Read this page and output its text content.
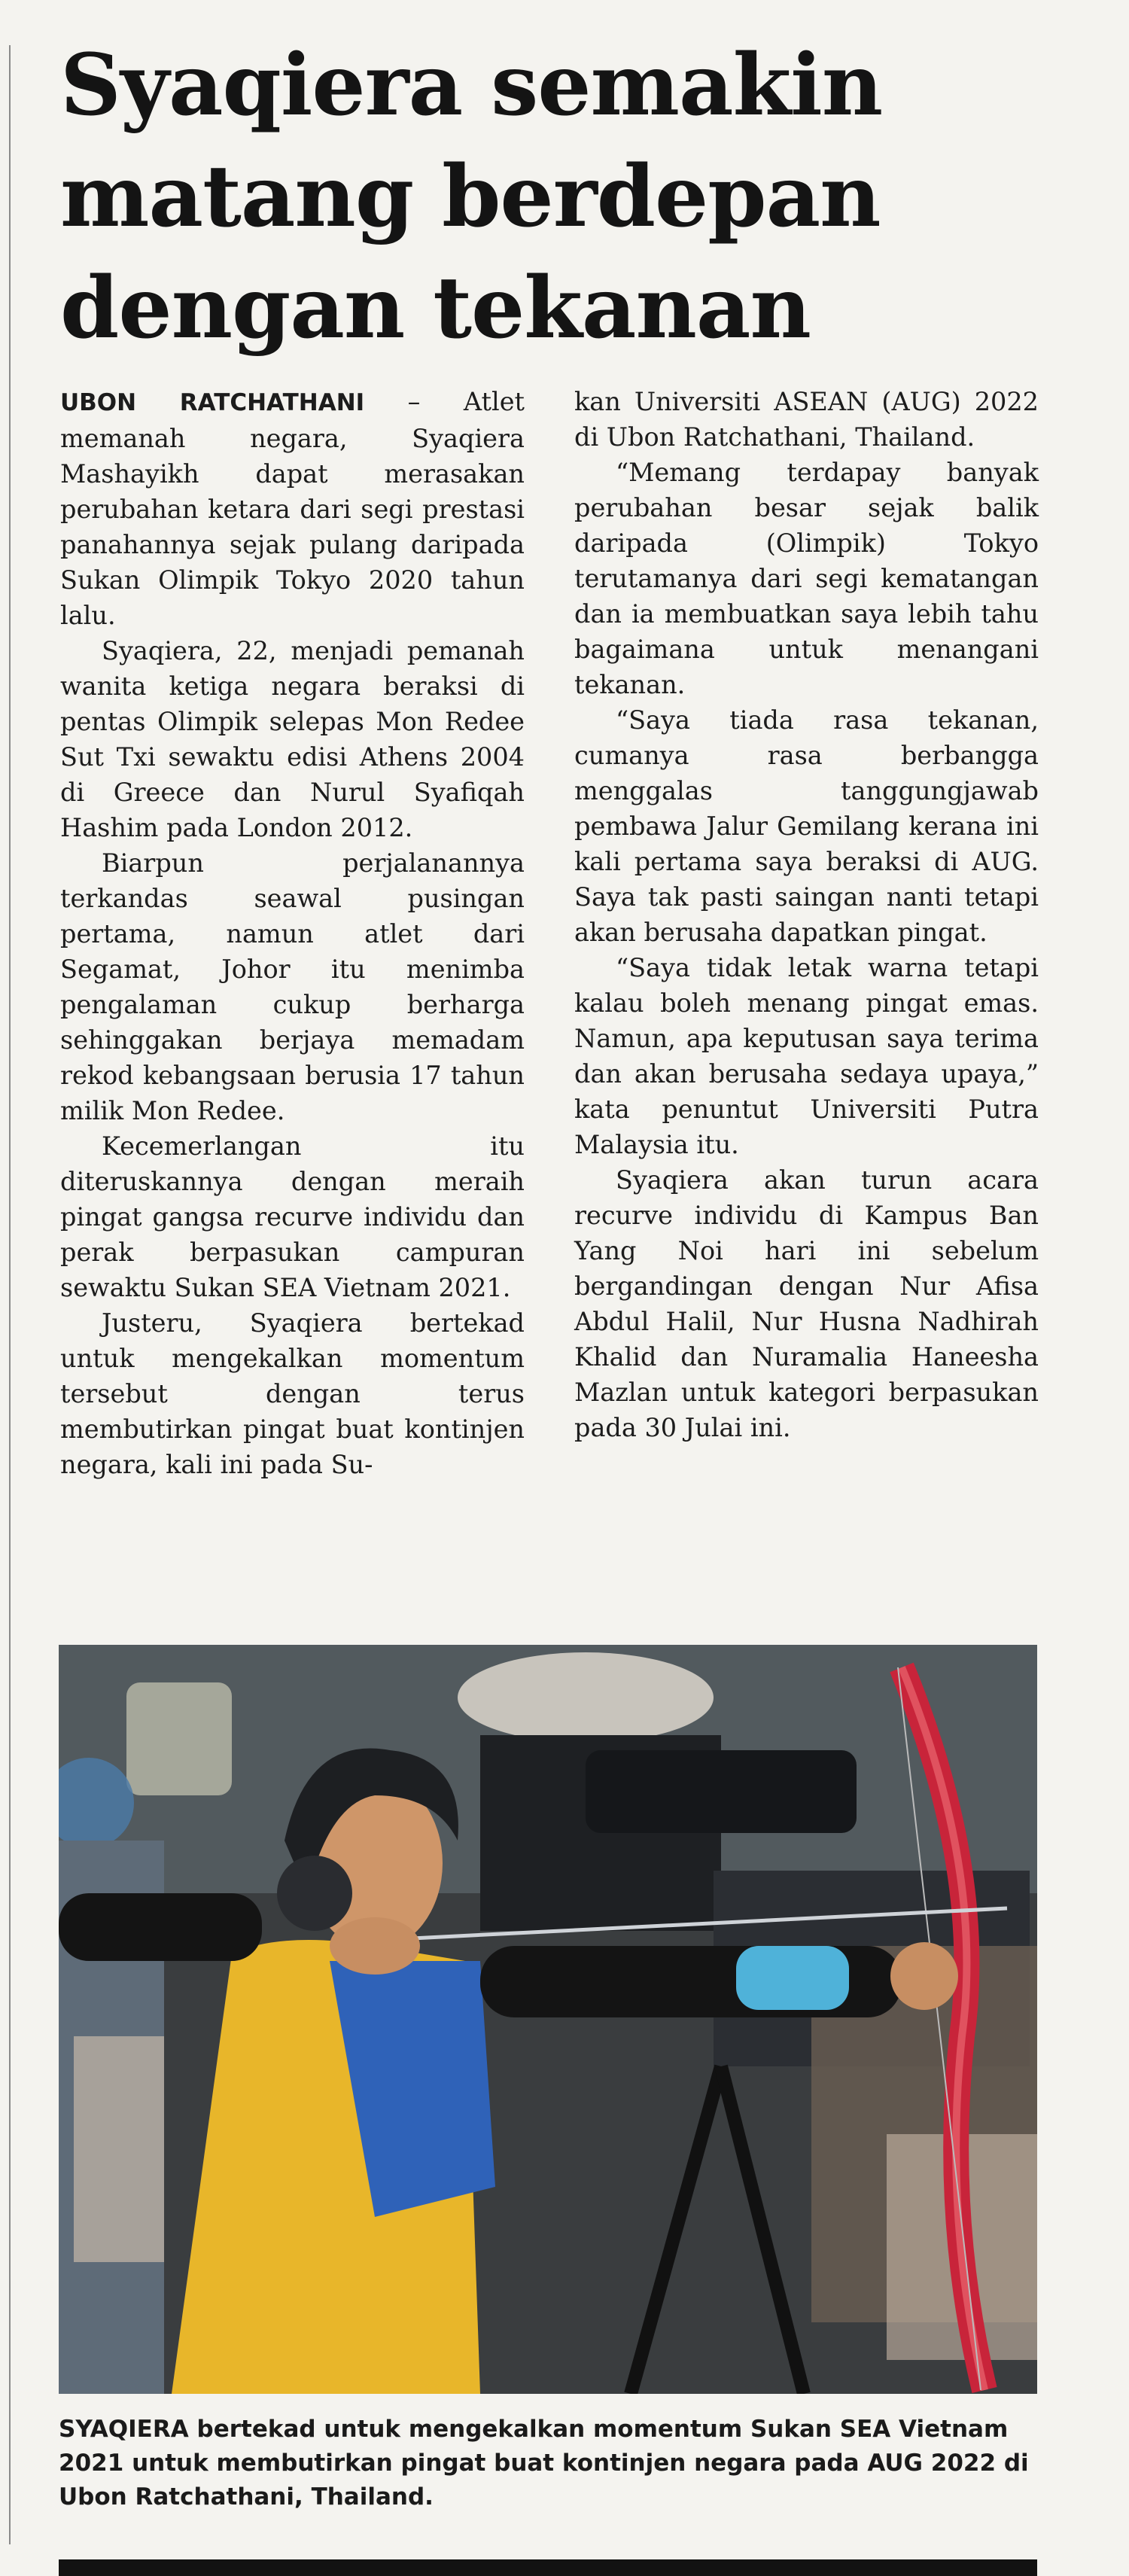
Syaqiera semakin
matang berdepan
dengan tekanan

UBON RATCHATHANI – Atlet memanah negara, Syaqiera Mashayikh dapat merasakan perubahan ketara dari segi prestasi panahannya sejak pulang daripada Sukan Olimpik Tokyo 2020 tahun lalu.

Syaqiera, 22, menjadi pemanah wanita ketiga negara beraksi di pentas Olimpik selepas Mon Redee Sut Txi sewaktu edisi Athens 2004 di Greece dan Nurul Syafiqah Hashim pada London 2012.

Biarpun perjalanannya terkandas seawal pusingan pertama, namun atlet dari Segamat, Johor itu menimba pengalaman cukup berharga sehinggakan berjaya memadam rekod kebangsaan berusia 17 tahun milik Mon Redee.

Kecemerlangan itu diteruskannya dengan meraih pingat gangsa recurve individu dan perak berpasukan campuran sewaktu Sukan SEA Vietnam 2021.

Justeru, Syaqiera bertekad untuk mengekalkan momentum tersebut dengan terus membutirkan pingat buat kontinjen negara, kali ini pada Su-

kan Universiti ASEAN (AUG) 2022 di Ubon Ratchathani, Thailand.

“Memang terdapay banyak perubahan besar sejak balik daripada (Olimpik) Tokyo terutamanya dari segi kematangan dan ia membuatkan saya lebih tahu bagaimana untuk menangani tekanan.

“Saya tiada rasa tekanan, cumanya rasa berbangga menggalas tanggungjawab pembawa Jalur Gemilang kerana ini kali pertama saya beraksi di AUG. Saya tak pasti saingan nanti tetapi akan berusaha dapatkan pingat.

“Saya tidak letak warna tetapi kalau boleh menang pingat emas. Namun, apa keputusan saya terima dan akan berusaha sedaya upaya,” kata penuntut Universiti Putra Malaysia itu.

Syaqiera akan turun acara recurve individu di Kampus Ban Yang Noi hari ini sebelum bergandingan dengan Nur Afisa Abdul Halil, Nur Husna Nadhirah Khalid dan Nuramalia Haneesha Mazlan untuk kategori berpasukan pada 30 Julai ini.

SYAQIERA bertekad untuk mengekalkan momentum Sukan SEA Vietnam 2021 untuk membutirkan pingat buat kontinjen negara pada AUG 2022 di Ubon Ratchathani, Thailand.
